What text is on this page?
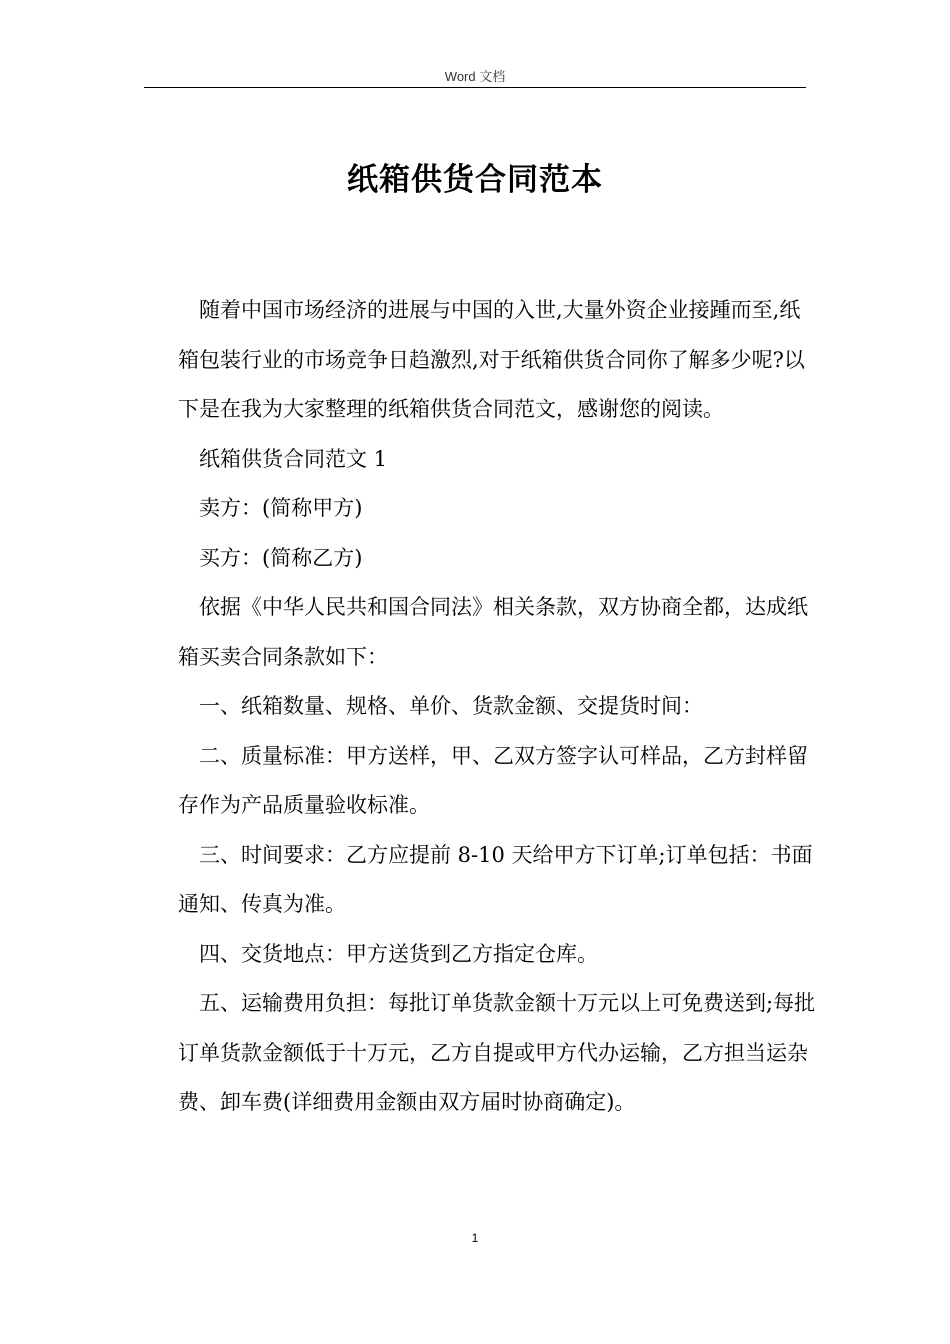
Word 文档
纸箱供货合同范本

随着中国市场经济的进展与中国的入世,大量外资企业接踵而至,纸箱包装行业的市场竞争日趋激烈,对于纸箱供货合同你了解多少呢?以下是在我为大家整理的纸箱供货合同范文，感谢您的阅读。

纸箱供货合同范文 1

卖方：(简称甲方)

买方：(简称乙方)

依据《中华人民共和国合同法》相关条款，双方协商全都，达成纸箱买卖合同条款如下：

一、纸箱数量、规格、单价、货款金额、交提货时间：

二、质量标准：甲方送样，甲、乙双方签字认可样品，乙方封样留存作为产品质量验收标准。

三、时间要求：乙方应提前 8-10 天给甲方下订单;订单包括：书面通知、传真为准。

四、交货地点：甲方送货到乙方指定仓库。

五、运输费用负担：每批订单货款金额十万元以上可免费送到;每批订单货款金额低于十万元，乙方自提或甲方代办运输，乙方担当运杂费、卸车费(详细费用金额由双方届时协商确定)。

1
